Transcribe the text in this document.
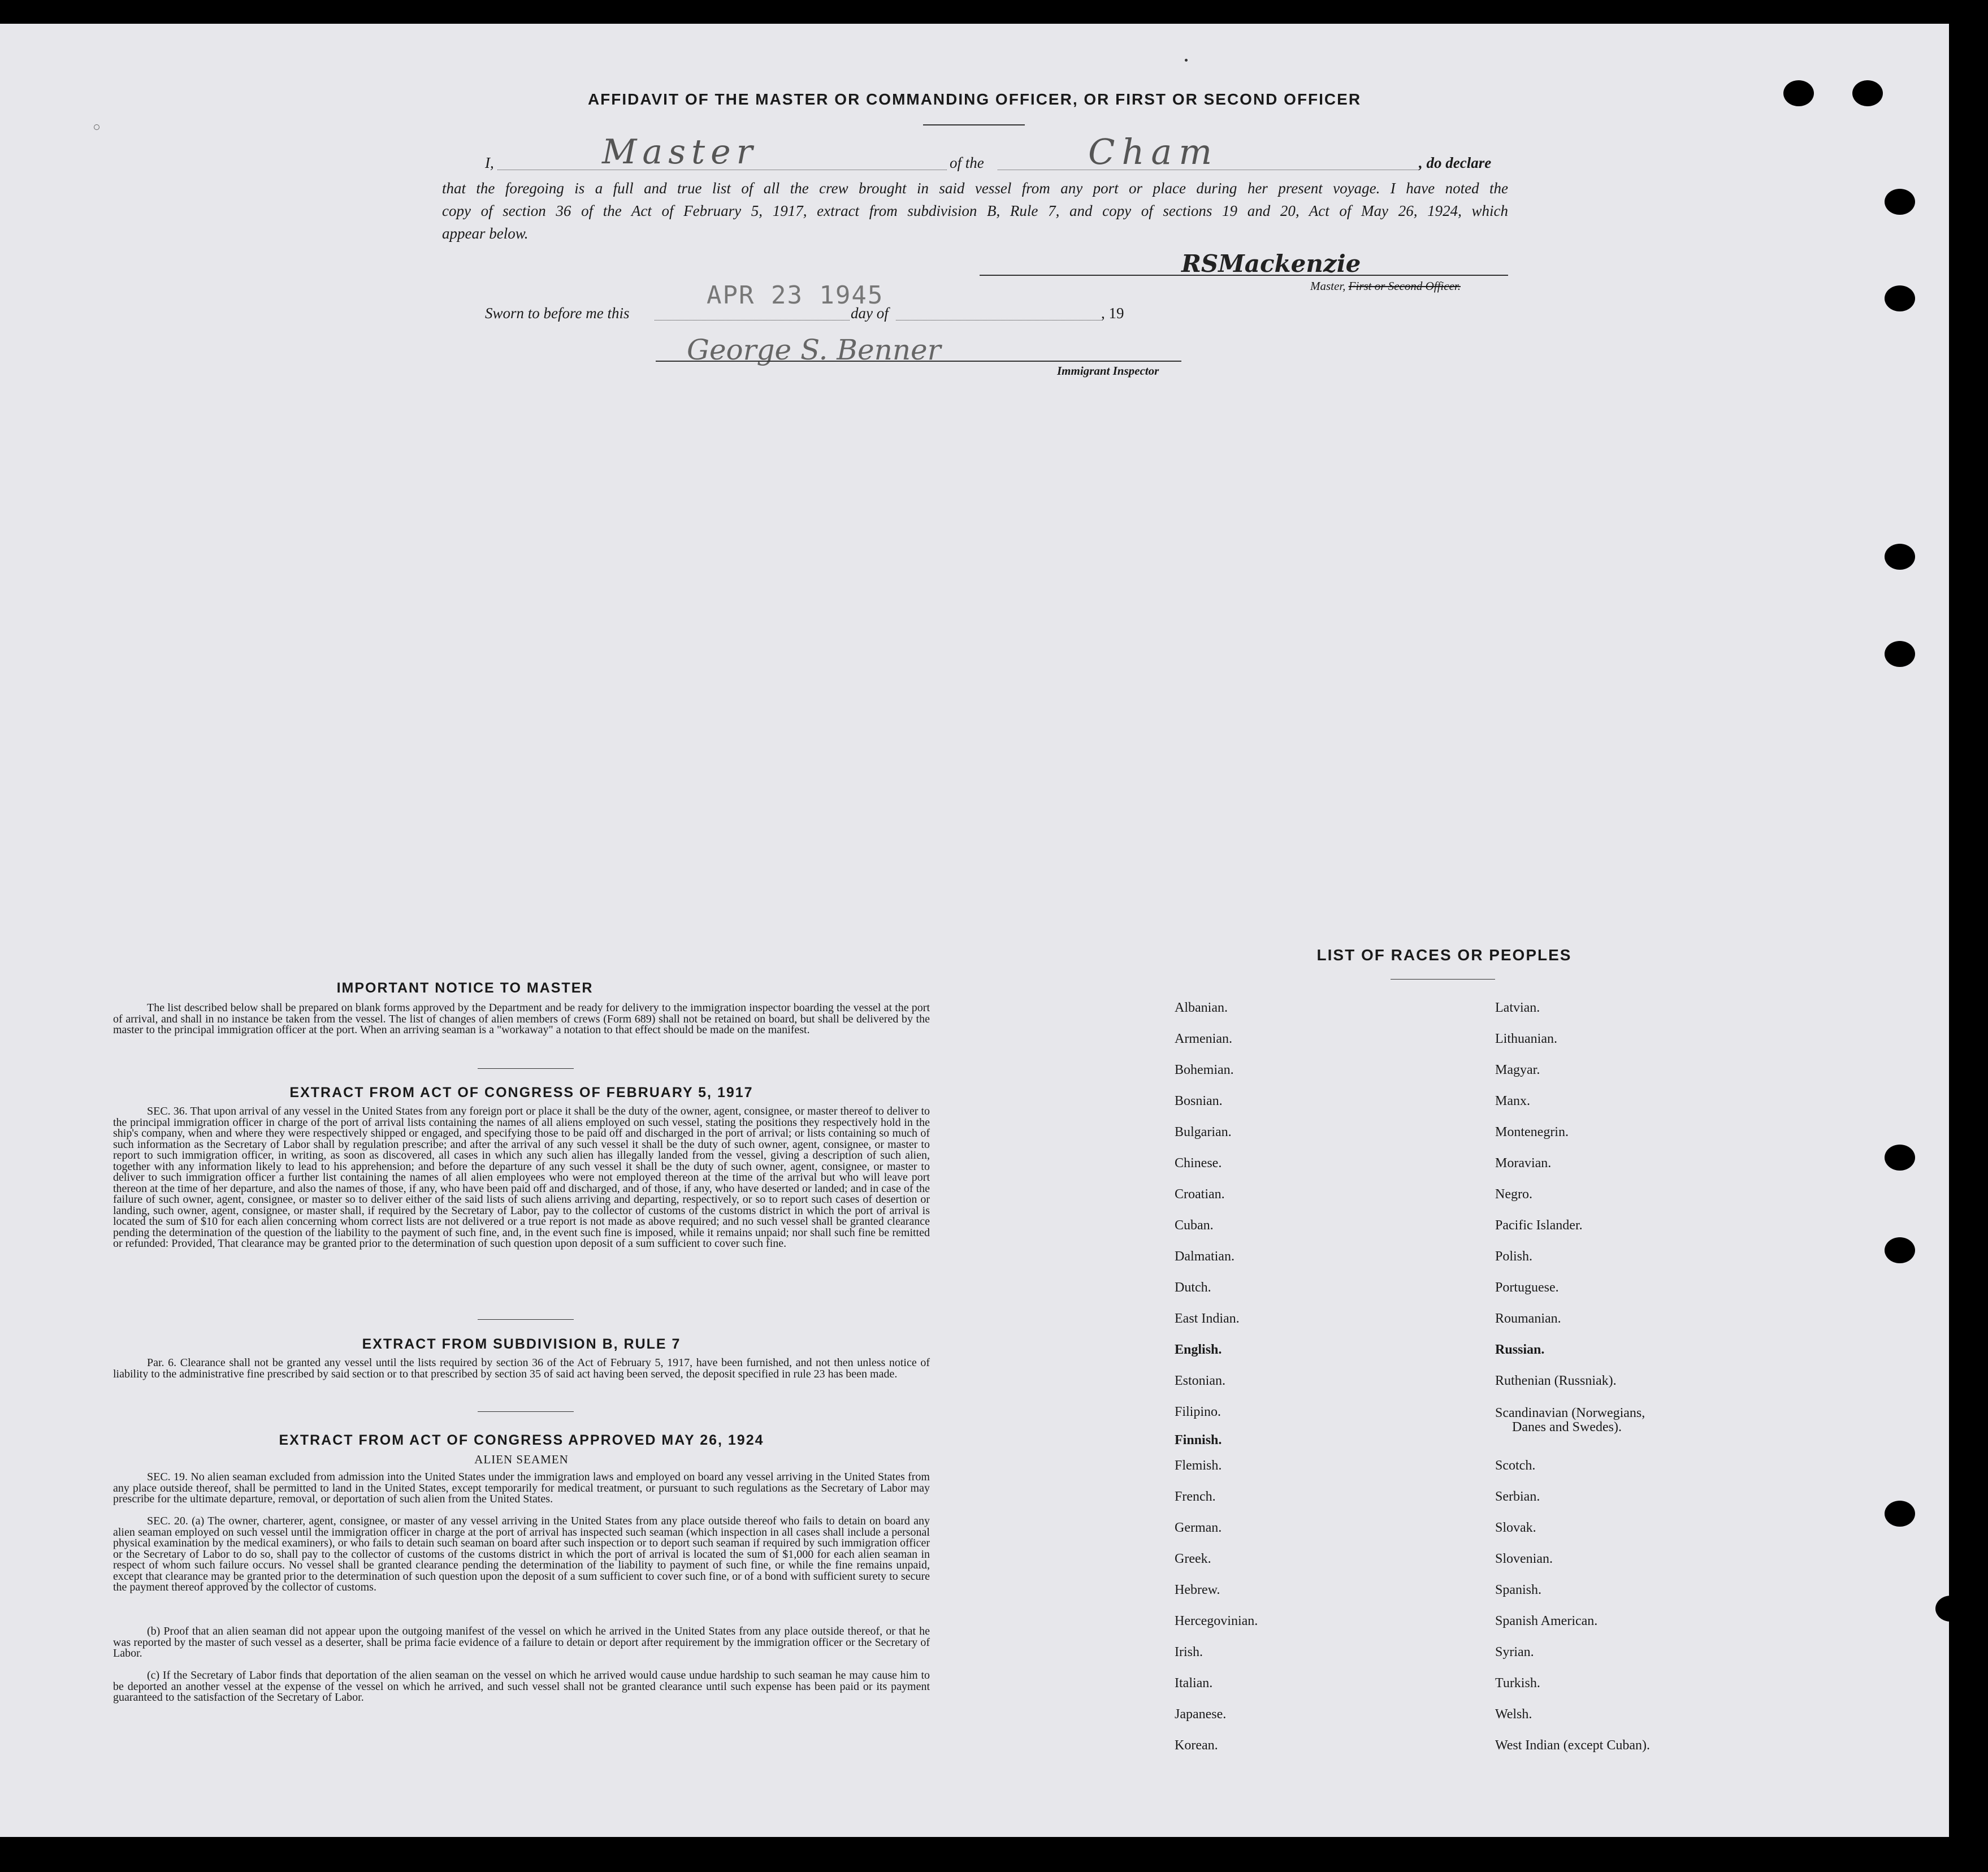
AFFIDAVIT OF THE MASTER OR COMMANDING OFFICER, OR FIRST OR SECOND OFFICER
I,	Master	of the	Cham	, do declare
that the foregoing is a full and true list of all the crew brought in said vessel from any port or place during her present voyage. I have noted the
copy of section 36 of the Act of February 5, 1917, extract from subdivision B, Rule 7, and copy of sections 19 and 20, Act of May 26, 1924, which
appear below.
RSMackenzie
Master, First or Second Officer.
Sworn to before me this
APR 23 1945
day of	, 19
George S. Benner
Immigrant Inspector
IMPORTANT NOTICE TO MASTER
The list described below shall be prepared on blank forms approved by the Department and be ready for delivery to the immigration inspector boarding the vessel at the port of arrival, and shall in no instance be taken from the vessel. The list of changes of alien members of crews (Form 689) shall not be retained on board, but shall be delivered by the master to the principal immigration officer at the port. When an arriving seaman is a "workaway" a notation to that effect should be made on the manifest.
EXTRACT FROM ACT OF CONGRESS OF FEBRUARY 5, 1917
SEC. 36. That upon arrival of any vessel in the United States from any foreign port or place it shall be the duty of the owner, agent, consignee, or master thereof to deliver to the principal immigration officer in charge of the port of arrival lists containing the names of all aliens employed on such vessel, stating the positions they respectively hold in the ship's company, when and where they were respectively shipped or engaged, and specifying those to be paid off and discharged in the port of arrival; or lists containing so much of such information as the Secretary of Labor shall by regulation prescribe; and after the arrival of any such vessel it shall be the duty of such owner, agent, consignee, or master to report to such immigration officer, in writing, as soon as discovered, all cases in which any such alien has illegally landed from the vessel, giving a description of such alien, together with any information likely to lead to his apprehension; and before the departure of any such vessel it shall be the duty of such owner, agent, consignee, or master to deliver to such immigration officer a further list containing the names of all alien employees who were not employed thereon at the time of the arrival but who will leave port thereon at the time of her departure, and also the names of those, if any, who have been paid off and discharged, and of those, if any, who have deserted or landed; and in case of the failure of such owner, agent, consignee, or master so to deliver either of the said lists of such aliens arriving and departing, respectively, or so to report such cases of desertion or landing, such owner, agent, consignee, or master shall, if required by the Secretary of Labor, pay to the collector of customs of the customs district in which the port of arrival is located the sum of $10 for each alien concerning whom correct lists are not delivered or a true report is not made as above required; and no such vessel shall be granted clearance pending the determination of the question of the liability to the payment of such fine, and, in the event such fine is imposed, while it remains unpaid; nor shall such fine be remitted or refunded: Provided, That clearance may be granted prior to the determination of such question upon deposit of a sum sufficient to cover such fine.
EXTRACT FROM SUBDIVISION B, RULE 7
Par. 6. Clearance shall not be granted any vessel until the lists required by section 36 of the Act of February 5, 1917, have been furnished, and not then unless notice of liability to the administrative fine prescribed by said section or to that prescribed by section 35 of said act having been served, the deposit specified in rule 23 has been made.
EXTRACT FROM ACT OF CONGRESS APPROVED MAY 26, 1924
ALIEN SEAMEN
SEC. 19. No alien seaman excluded from admission into the United States under the immigration laws and employed on board any vessel arriving in the United States from any place outside thereof, shall be permitted to land in the United States, except temporarily for medical treatment, or pursuant to such regulations as the Secretary of Labor may prescribe for the ultimate departure, removal, or deportation of such alien from the United States.
SEC. 20. (a) The owner, charterer, agent, consignee, or master of any vessel arriving in the United States from any place outside thereof who fails to detain on board any alien seaman employed on such vessel until the immigration officer in charge at the port of arrival has inspected such seaman (which inspection in all cases shall include a personal physical examination by the medical examiners), or who fails to detain such seaman on board after such inspection or to deport such seaman if required by such immigration officer or the Secretary of Labor to do so, shall pay to the collector of customs of the customs district in which the port of arrival is located the sum of $1,000 for each alien seaman in respect of whom such failure occurs. No vessel shall be granted clearance pending the determination of the liability to payment of such fine, or while the fine remains unpaid, except that clearance may be granted prior to the determination of such question upon the deposit of a sum sufficient to cover such fine, or of a bond with sufficient surety to secure the payment thereof approved by the collector of customs.
(b) Proof that an alien seaman did not appear upon the outgoing manifest of the vessel on which he arrived in the United States from any place outside thereof, or that he was reported by the master of such vessel as a deserter, shall be prima facie evidence of a failure to detain or deport after requirement by the immigration officer or the Secretary of Labor.
(c) If the Secretary of Labor finds that deportation of the alien seaman on the vessel on which he arrived would cause undue hardship to such seaman he may cause him to be deported an another vessel at the expense of the vessel on which he arrived, and such vessel shall not be granted clearance until such expense has been paid or its payment guaranteed to the satisfaction of the Secretary of Labor.
LIST OF RACES OR PEOPLES
Albanian.
Armenian.
Bohemian.
Bosnian.
Bulgarian.
Chinese.
Croatian.
Cuban.
Dalmatian.
Dutch.
East Indian.
English.
Estonian.
Filipino.
Finnish.
Flemish.
French.
German.
Greek.
Hebrew.
Hercegovinian.
Irish.
Italian.
Japanese.
Korean.
Latvian.
Lithuanian.
Magyar.
Manx.
Montenegrin.
Moravian.
Negro.
Pacific Islander.
Polish.
Portuguese.
Roumanian.
Russian.
Ruthenian (Russniak).
Scandinavian (Norwegians,
Danes and Swedes).
Scotch.
Serbian.
Slovak.
Slovenian.
Spanish.
Spanish American.
Syrian.
Turkish.
Welsh.
West Indian (except Cuban).
